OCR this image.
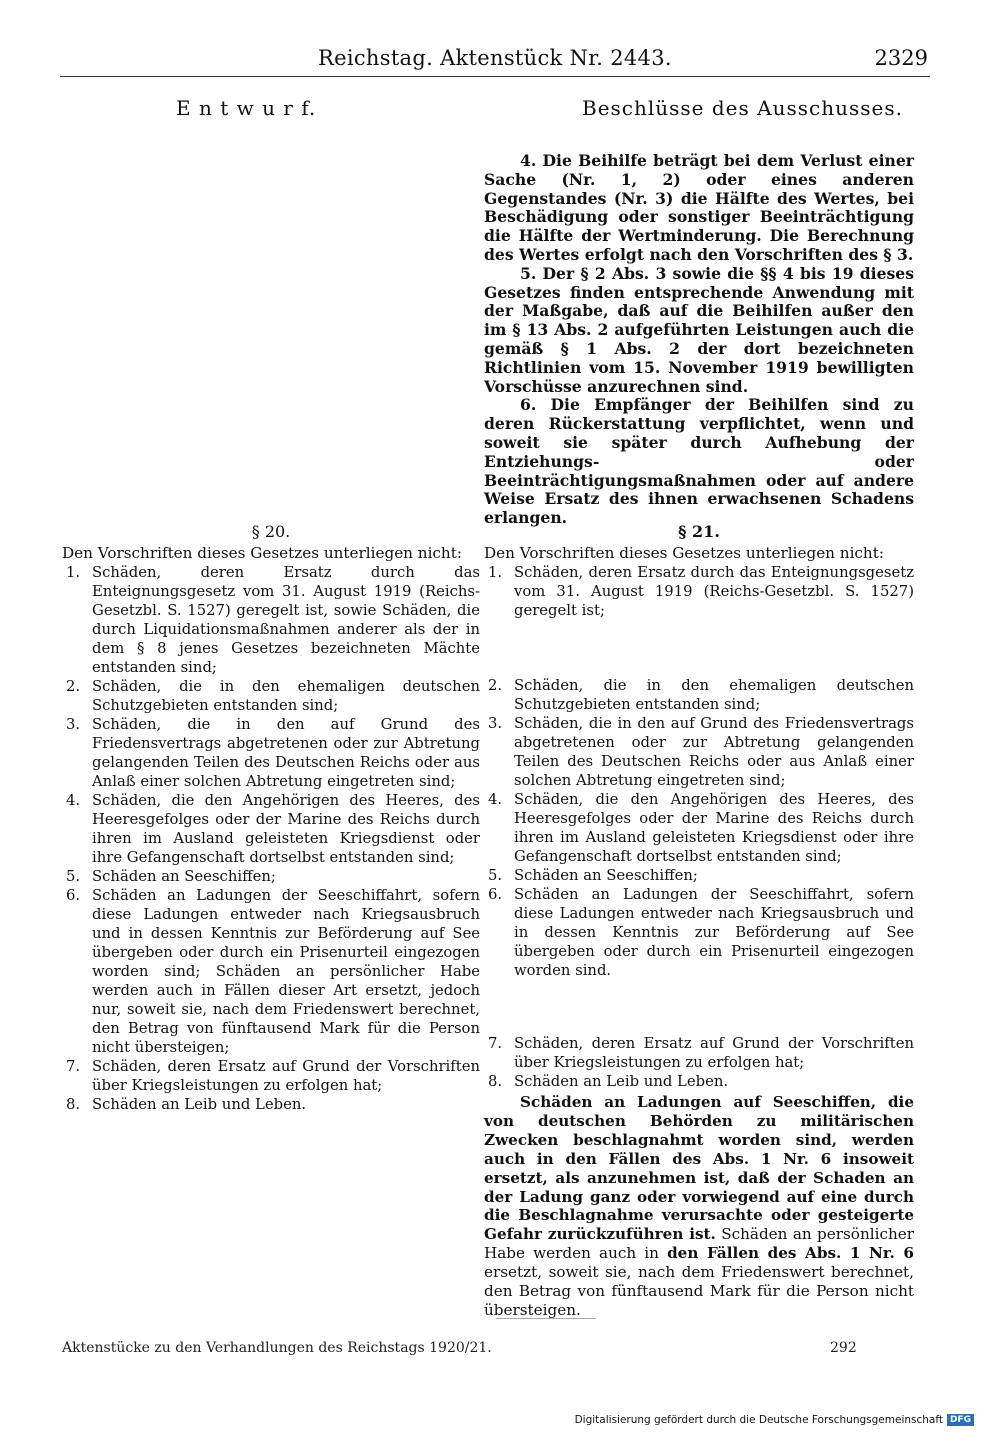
Reichstag. Aktenstück Nr. 2443.	2329
E n t w u r f.	Beschlüsse des Ausschusses.
4. Die Beihilfe beträgt bei dem Verlust einer Sache (Nr. 1, 2) oder eines anderen Gegenstandes (Nr. 3) die Hälfte des Wertes, bei Beschädigung oder sonstiger Beeinträchtigung die Hälfte der Wertminderung. Die Berechnung des Wertes erfolgt nach den Vorschriften des § 3.
5. Der § 2 Abs. 3 sowie die §§ 4 bis 19 dieses Gesetzes finden entsprechende Anwendung mit der Maßgabe, daß auf die Beihilfen außer den im § 13 Abs. 2 aufgeführten Leistungen auch die gemäß § 1 Abs. 2 der dort bezeichneten Richtlinien vom 15. November 1919 bewilligten Vorschüsse anzurechnen sind.
6. Die Empfänger der Beihilfen sind zu deren Rückerstattung verpflichtet, wenn und soweit sie später durch Aufhebung der Entziehungs- oder Beeinträchtigungsmaßnahmen oder auf andere Weise Ersatz des ihnen erwachsenen Schadens erlangen.
§ 20.
Den Vorschriften dieses Gesetzes unterliegen nicht:
1. Schäden, deren Ersatz durch das Enteignungsgesetz vom 31. August 1919 (Reichs-Gesetzbl. S. 1527) geregelt ist, sowie Schäden, die durch Liquidationsmaßnahmen anderer als der in dem § 8 jenes Gesetzes bezeichneten Mächte entstanden sind;
2. Schäden, die in den ehemaligen deutschen Schutzgebieten entstanden sind;
3. Schäden, die in den auf Grund des Friedensvertrags abgetretenen oder zur Abtretung gelangenden Teilen des Deutschen Reichs oder aus Anlaß einer solchen Abtretung eingetreten sind;
4. Schäden, die den Angehörigen des Heeres, des Heeresgefolges oder der Marine des Reichs durch ihren im Ausland geleisteten Kriegsdienst oder ihre Gefangenschaft dortselbst entstanden sind;
5. Schäden an Seeschiffen;
6. Schäden an Ladungen der Seeschiffahrt, sofern diese Ladungen entweder nach Kriegsausbruch und in dessen Kenntnis zur Beförderung auf See übergeben oder durch ein Prisenurteil eingezogen worden sind; Schäden an persönlicher Habe werden auch in Fällen dieser Art ersetzt, jedoch nur, soweit sie, nach dem Friedenswert berechnet, den Betrag von fünftausend Mark für die Person nicht übersteigen;
7. Schäden, deren Ersatz auf Grund der Vorschriften über Kriegsleistungen zu erfolgen hat;
8. Schäden an Leib und Leben.
§ 21.
Den Vorschriften dieses Gesetzes unterliegen nicht:
1. Schäden, deren Ersatz durch das Enteignungsgesetz vom 31. August 1919 (Reichs-Gesetzbl. S. 1527) geregelt ist;
2. Schäden, die in den ehemaligen deutschen Schutzgebieten entstanden sind;
3. Schäden, die in den auf Grund des Friedensvertrags abgetretenen oder zur Abtretung gelangenden Teilen des Deutschen Reichs oder aus Anlaß einer solchen Abtretung eingetreten sind;
4. Schäden, die den Angehörigen des Heeres, des Heeresgefolges oder der Marine des Reichs durch ihren im Ausland geleisteten Kriegsdienst oder ihre Gefangenschaft dortselbst entstanden sind;
5. Schäden an Seeschiffen;
6. Schäden an Ladungen der Seeschiffahrt, sofern diese Ladungen entweder nach Kriegsausbruch und in dessen Kenntnis zur Beförderung auf See übergeben oder durch ein Prisenurteil eingezogen worden sind.
7. Schäden, deren Ersatz auf Grund der Vorschriften über Kriegsleistungen zu erfolgen hat;
8. Schäden an Leib und Leben.
Schäden an Ladungen auf Seeschiffen, die von deutschen Behörden zu militärischen Zwecken beschlagnahmt worden sind, werden auch in den Fällen des Abs. 1 Nr. 6 insoweit ersetzt, als anzunehmen ist, daß der Schaden an der Ladung ganz oder vorwiegend auf eine durch die Beschlagnahme verursachte oder gesteigerte Gefahr zurückzuführen ist. Schäden an persönlicher Habe werden auch in den Fällen des Abs. 1 Nr. 6 ersetzt, soweit sie, nach dem Friedenswert berechnet, den Betrag von fünftausend Mark für die Person nicht übersteigen.
Aktenstücke zu den Verhandlungen des Reichstags 1920/21.	292
Digitalisierung gefördert durch die Deutsche Forschungsgemeinschaft DFG
